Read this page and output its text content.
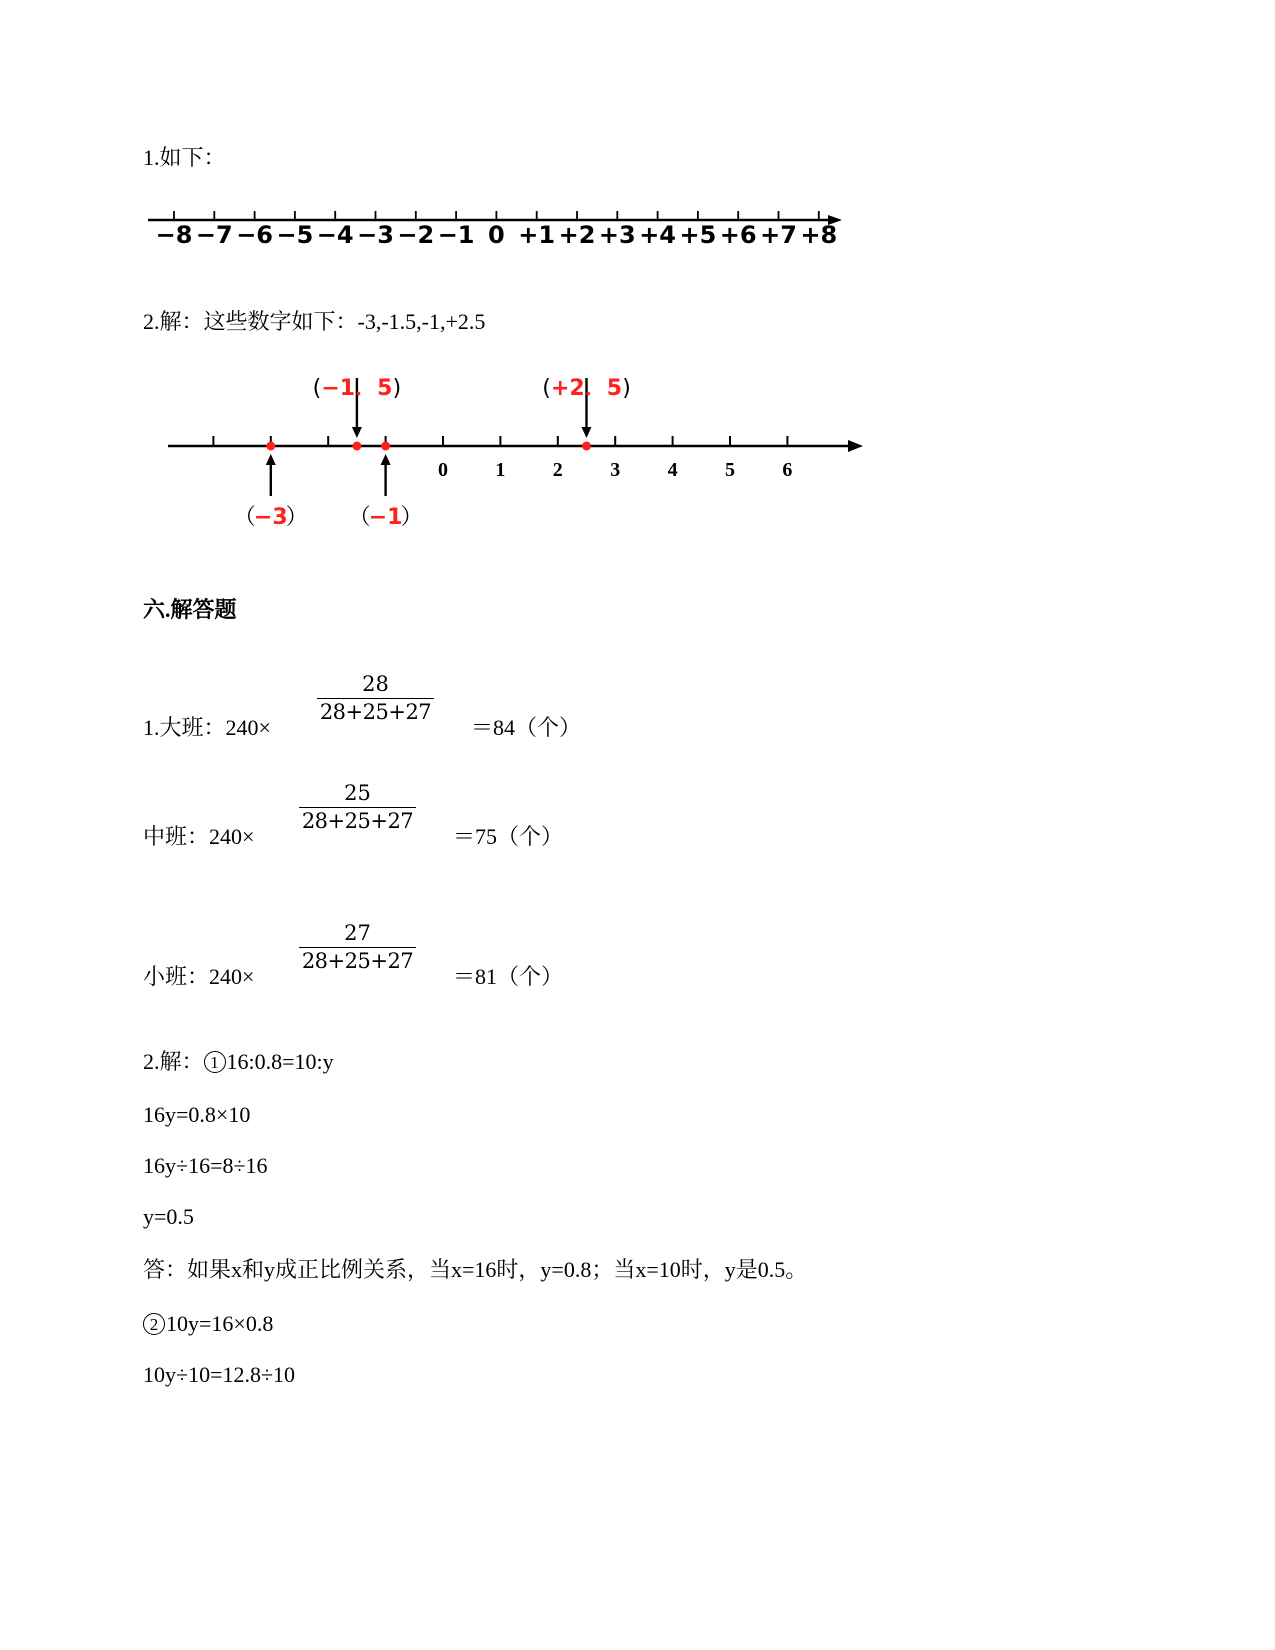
1.如下：
−8 −7 −6 −5 −4 −3 −2 −1 0 +1 +2 +3 +4 +5 +6 +7 +8
2.解：这些数字如下：-3,-1.5,-1,+2.5
0 1 2 3 4 5 6
−3
（ ）
−1．5
(	)
−1
（ ）
+2．5
(	)
六.解答题
1.大班：240×
28
28+25+27
＝84（个）
中班：240×
25
28+25+27
＝75（个）
小班：240×
27
28+25+27
＝81（个）
2.解： 1 16:0.8=10:y
16y=0.8×10
16y÷16=8÷16
y=0.5
答：如果x和y成正比例关系，当x=16时，y=0.8；当x=10时，y是0.5。
2 10y=16×0.8
10y÷10=12.8÷10
